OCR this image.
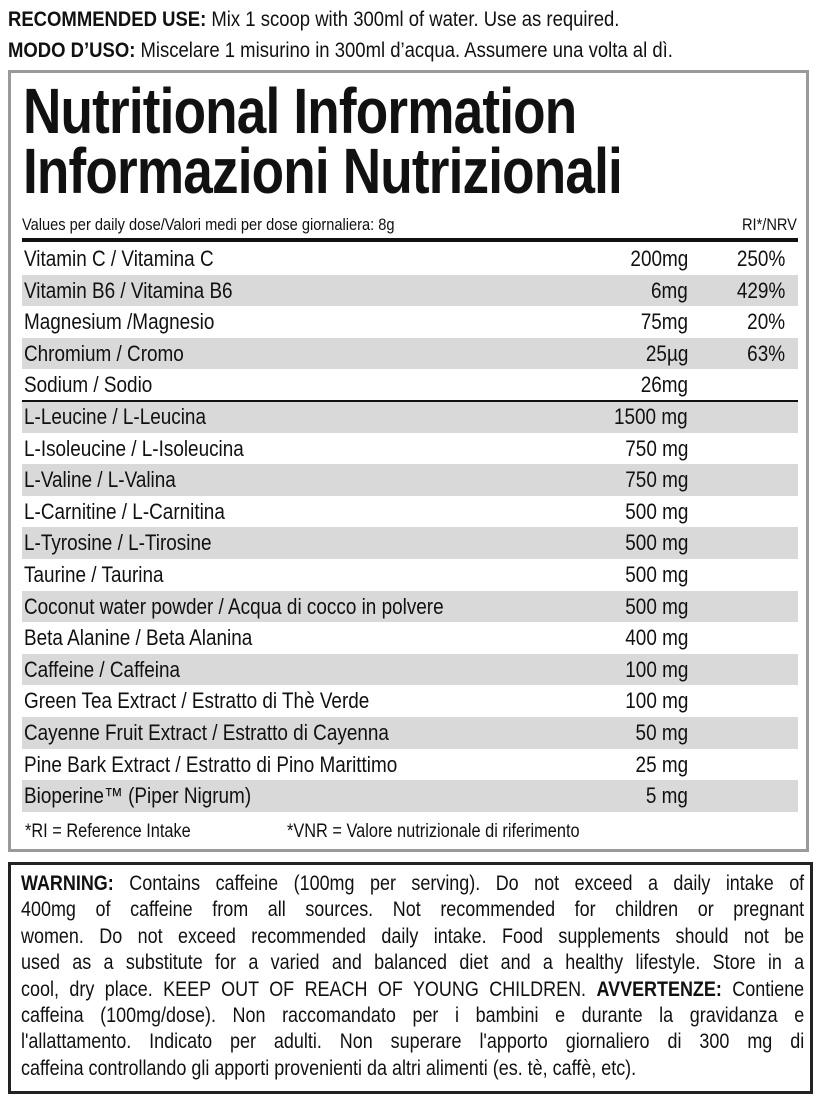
RECOMMENDED USE: Mix 1 scoop with 300ml of water. Use as required.
MODO D’USO: Miscelare 1 misurino in 300ml d’acqua. Assumere una volta al dì.
Nutritional Information
Informazioni Nutrizionali
Values per daily dose/Valori medi per dose giornaliera: 8g	RI*/NRV
Vitamin C / Vitamina C	200mg 250%
Vitamin B6 / Vitamina B6	6mg 429%
Magnesium /Magnesio	75mg	20%
Chromium / Cromo	25µg	63%
Sodium / Sodio	26mg
L-Leucine / L-Leucina	1500 mg
L-Isoleucine / L-Isoleucina	750 mg
L-Valine / L-Valina	750 mg
L-Carnitine / L-Carnitina	500 mg
L-Tyrosine / L-Tirosine	500 mg
Taurine / Taurina	500 mg
Coconut water powder / Acqua di cocco in polvere	500 mg
Beta Alanine / Beta Alanina	400 mg
Caffeine / Caffeina	100 mg
Green Tea Extract / Estratto di Thè Verde	100 mg
Cayenne Fruit Extract / Estratto di Cayenna	50 mg
Pine Bark Extract / Estratto di Pino Marittimo	25 mg
Bioperine™ (Piper Nigrum)	5 mg
*RI = Reference Intake	*VNR = Valore nutrizionale di riferimento
WARNING: Contains caffeine (100mg per serving). Do not exceed a daily intake of
400mg of caffeine from all sources. Not recommended for children or pregnant
women. Do not exceed recommended daily intake. Food supplements should not be
used as a substitute for a varied and balanced diet and a healthy lifestyle. Store in a
cool, dry place. KEEP OUT OF REACH OF YOUNG CHILDREN. AVVERTENZE: Contiene
caffeina (100mg/dose). Non raccomandato per i bambini e durante la gravidanza e
l'allattamento. Indicato per adulti. Non superare l'apporto giornaliero di 300 mg di
caffeina controllando gli apporti provenienti da altri alimenti (es. tè, caffè, etc).
